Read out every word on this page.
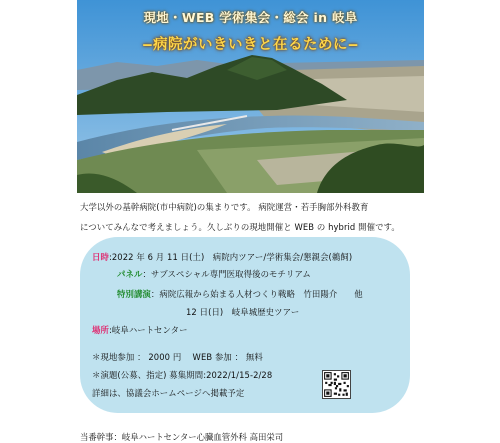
現地・WEB 学術集会・総会 in 岐阜
‒病院がいきいきと在るために‒
大学以外の基幹病院(市中病院)の集まりです。 病院運営・若手胸部外科教育
についてみんなで考えましょう。久しぶりの現地開催と WEB の hybrid 開催です。
日時:2022 年 6 月 11 日(土)　病院内ツアー/学術集会/懇親会(鵜飼)
パネル：サブスペシャル専門医取得後のモチリアム
特別講演：病院広報から始まる人材つくり戦略　竹田陽介　　他
12 日(日)　岐阜城歴史ツアー
場所:岐阜ハートセンター
＊現地参加 ： 2000 円　 WEB 参加 ： 無料
＊演題(公募、指定) 募集期間:2022/1/15-2/28
詳細は、協議会ホームページへ掲載予定
当番幹事：岐阜ハートセンター心臓血管外科 高田栄司
